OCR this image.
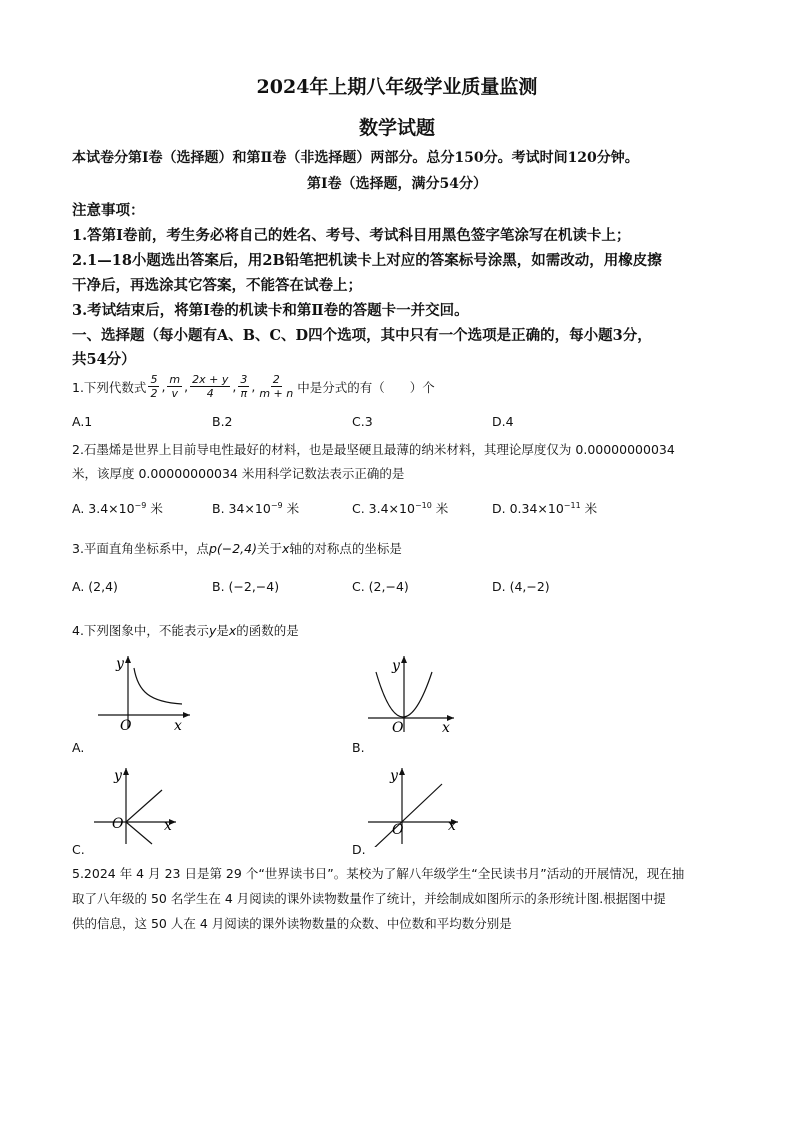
2024年上期八年级学业质量监测
数学试题
本试卷分第Ⅰ卷（选择题）和第Ⅱ卷（非选择题）两部分。总分150分。考试时间120分钟。
第Ⅰ卷（选择题，满分54分）
注意事项：
1.答第Ⅰ卷前，考生务必将自己的姓名、考号、考试科目用黑色签字笔涂写在机读卡上；
2.1—18小题选出答案后，用2B铅笔把机读卡上对应的答案标号涂黑，如需改动，用橡皮擦
干净后，再选涂其它答案，不能答在试卷上；
3.考试结束后，将第Ⅰ卷的机读卡和第Ⅱ卷的答题卡一并交回。
一、选择题（每小题有A、B、C、D四个选项，其中只有一个选项是正确的，每小题3分，
共54分）
1.下列代数式 $\frac{5}{2}$ , $\frac{m}{v}$ , $\frac{2x + y}{4}$ , $\frac{3}{\pi}$ , $\frac{2}{m + n}$ 中是分式的有（　　）个
A.1	B.2	C.3	D.4
2.石墨烯是世界上目前导电性最好的材料，也是最坚硬且最薄的纳米材料，其理论厚度仅为 0.00000000034
米，该厚度 0.00000000034 米用科学记数法表示正确的是
A. $3.4\times 10^{-9}$ 米	B. $34\times 10^{-9}$ 米	C. $3.4\times 10^{-10}$ 米	D. $0.34\times 10^{-11}$ 米
3.平面直角坐标系中，点p(−2,4)关于x轴的对称点的坐标是
A. (2,4)	B. (−2,−4)	C. (2,−4)	D. (4,−2)
4.下列图象中，不能表示y是x的函数的是
y
x
O
A.
y
x
O
B.
y
x
O
C.
y
x
O
D.
5.2024 年 4 月 23 日是第 29 个“世界读书日”。某校为了解八年级学生“全民读书月”活动的开展情况，现在抽
取了八年级的 50 名学生在 4 月阅读的课外读物数量作了统计，并绘制成如图所示的条形统计图.根据图中提
供的信息，这 50 人在 4 月阅读的课外读物数量的众数、中位数和平均数分别是
